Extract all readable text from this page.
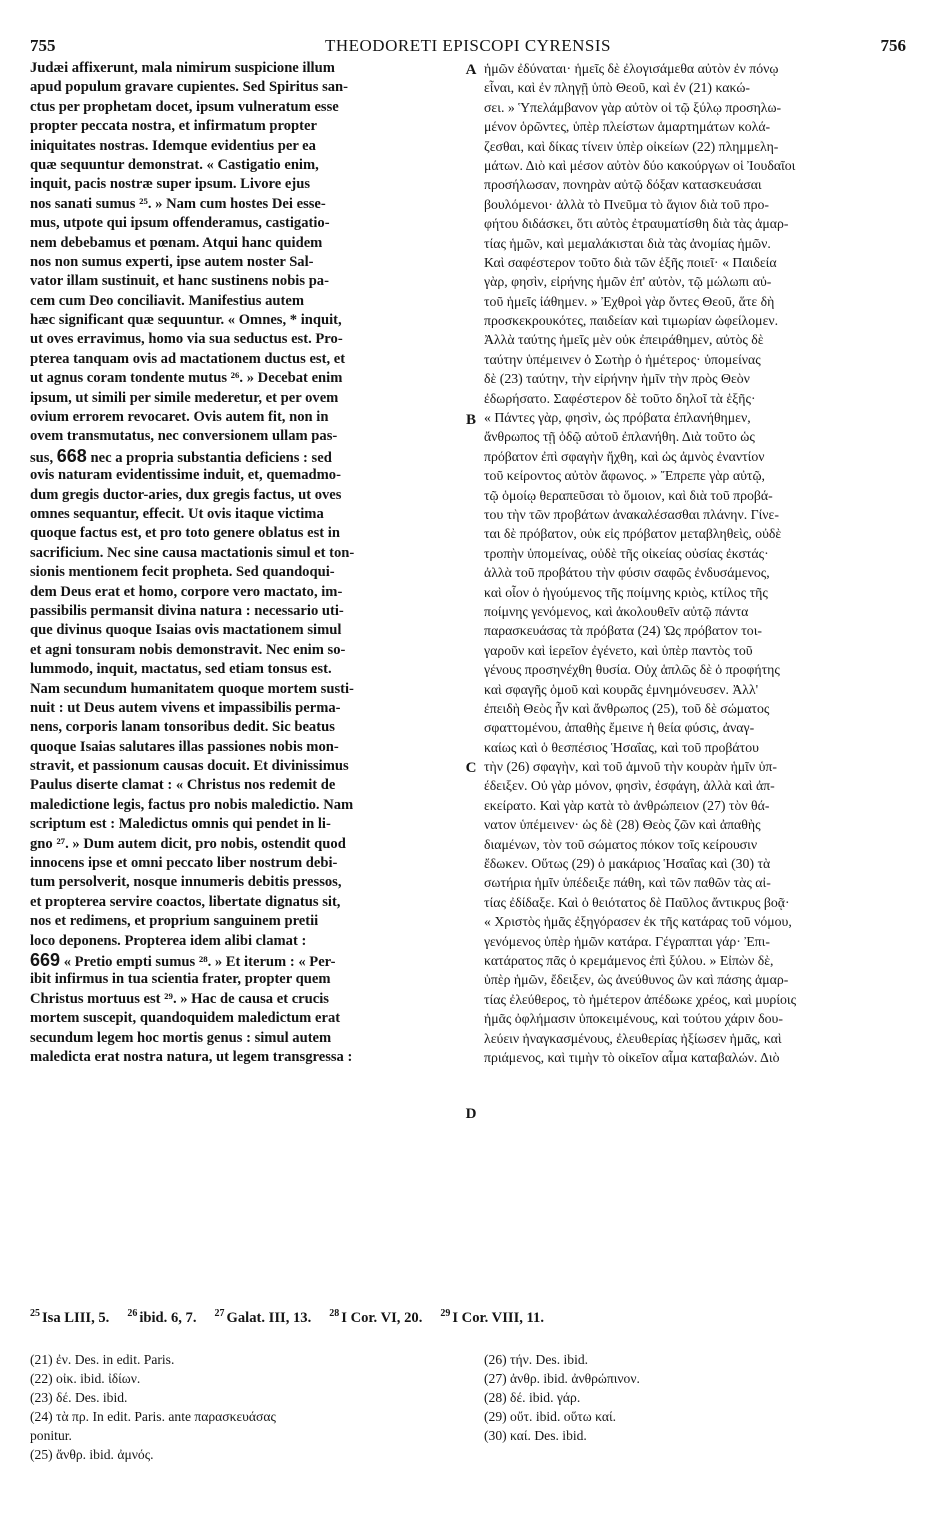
755	THEODORETI EPISCOPI CYRENSIS	756
Judæi affixerunt, mala nimirum suspicione illum
apud populum gravare cupientes. Sed Spiritus san-
ctus per prophetam docet, ipsum vulneratum esse
propter peccata nostra, et infirmatum propter
iniquitates nostras. Idemque evidentius per ea
quæ sequuntur demonstrat. « Castigatio enim,
inquit, pacis nostræ super ipsum. Livore ejus
nos sanati sumus ²⁵. » Nam cum hostes Dei esse-
mus, utpote qui ipsum offenderamus, castigatio-
nem debebamus et pœnam. Atqui hanc quidem
nos non sumus experti, ipse autem noster Sal-
vator illam sustinuit, et hanc sustinens nobis pa-
cem cum Deo conciliavit. Manifestius autem
hæc significant quæ sequuntur. « Omnes, * inquit,
ut oves erravimus, homo via sua seductus est. Pro-
pterea tanquam ovis ad mactationem ductus est, et
ut agnus coram tondente mutus ²⁶. » Decebat enim
ipsum, ut simili per simile mederetur, et per ovem
ovium errorem revocaret. Ovis autem fit, non in
ovem transmutatus, nec conversionem ullam pas-
sus, 668 nec a propria substantia deficiens : sed
ovis naturam evidentissime induit, et, quemadmo-
dum gregis ductor-aries, dux gregis factus, ut oves
omnes sequantur, effecit. Ut ovis itaque victima
quoque factus est, et pro toto genere oblatus est in
sacrificium. Nec sine causa mactationis simul et ton-
sionis mentionem fecit propheta. Sed quandoqui-
dem Deus erat et homo, corpore vero mactato, im-
passibilis permansit divina natura : necessario uti-
que divinus quoque Isaias ovis mactationem simul
et agni tonsuram nobis demonstravit. Nec enim so-
lummodo, inquit, mactatus, sed etiam tonsus est.
Nam secundum humanitatem quoque mortem susti-
nuit : ut Deus autem vivens et impassibilis perma-
nens, corporis lanam tonsoribus dedit. Sic beatus
quoque Isaias salutares illas passiones nobis mon-
stravit, et passionum causas docuit. Et divinissimus
Paulus diserte clamat : « Christus nos redemit de
maledictione legis, factus pro nobis maledictio. Nam
scriptum est : Maledictus omnis qui pendet in li-
gno ²⁷. » Dum autem dicit, pro nobis, ostendit quod
innocens ipse et omni peccato liber nostrum debi-
tum persolverit, nosque innumeris debitis pressos,
et propterea servire coactos, libertate dignatus sit,
nos et redimens, et proprium sanguinem pretii
loco deponens. Propterea idem alibi clamat :
669 « Pretio empti sumus ²⁸. » Et iterum : « Per-
ibit infirmus in tua scientia frater, propter quem
Christus mortuus est ²⁹. » Hac de causa et crucis
mortem suscepit, quandoquidem maledictum erat
secundum legem hoc mortis genus : simul autem
maledicta erat nostra natura, ut legem transgressa :
ἡμῶν ἐδύναται· ἡμεῖς δὲ ἐλογισάμεθα αὐτὸν ἐν πόνῳ
εἶναι, καὶ ἐν πληγῇ ὑπὸ Θεοῦ, καὶ ἐν (21) κακώ-
σει. » Ὑπελάμβανον γὰρ αὐτὸν οἱ τῷ ξύλῳ προσηλω-
μένον ὁρῶντες, ὑπὲρ πλείστων ἁμαρτημάτων κολά-
ζεσθαι, καὶ δίκας τίνειν ὑπὲρ οἰκείων (22) πλημμελη-
μάτων. Διὸ καὶ μέσον αὐτὸν δύο κακούργων οἱ Ἰουδαῖοι
προσήλωσαν, πονηρὰν αὐτῷ δόξαν κατασκευάσαι
βουλόμενοι· ἀλλὰ τὸ Πνεῦμα τὸ ἅγιον διὰ τοῦ προ-
φήτου διδάσκει, ὅτι αὐτὸς ἐτραυματίσθη διὰ τὰς ἁμαρ-
τίας ἡμῶν, καὶ μεμαλάκισται διὰ τὰς ἀνομίας ἡμῶν.
Καὶ σαφέστερον τοῦτο διὰ τῶν ἑξῆς ποιεῖ· « Παιδεία
γὰρ, φησὶν, εἰρήνης ἡμῶν ἐπ' αὐτὸν, τῷ μώλωπι αὐ-
τοῦ ἡμεῖς ἰάθημεν. » Ἐχθροὶ γὰρ ὄντες Θεοῦ, ἅτε δὴ
προσκεκρουκότες, παιδείαν καὶ τιμωρίαν ὠφείλομεν.
Ἀλλὰ ταύτης ἡμεῖς μὲν οὐκ ἐπειράθημεν, αὐτὸς δὲ
ταύτην ὑπέμεινεν ὁ Σωτὴρ ὁ ἡμέτερος· ὑπομείνας
δὲ (23) ταύτην, τὴν εἰρήνην ἡμῖν τὴν πρὸς Θεὸν
ἐδωρήσατο. Σαφέστερον δὲ τοῦτο δηλοῖ τὰ ἑξῆς·
« Πάντες γὰρ, φησὶν, ὡς πρόβατα ἐπλανήθημεν,
ἄνθρωπος τῇ ὁδῷ αὐτοῦ ἐπλανήθη. Διὰ τοῦτο ὡς
πρόβατον ἐπὶ σφαγὴν ἤχθη, καὶ ὡς ἀμνὸς ἐναντίον
τοῦ κείροντος αὐτὸν ἄφωνος. » Ἔπρεπε γὰρ αὐτῷ,
τῷ ὁμοίῳ θεραπεῦσαι τὸ ὅμοιον, καὶ διὰ τοῦ προβά-
του τὴν τῶν προβάτων ἀνακαλέσασθαι πλάνην. Γίνε-
ται δὲ πρόβατον, οὐκ εἰς πρόβατον μεταβληθεὶς, οὐδὲ
τροπὴν ὑπομείνας, οὐδὲ τῆς οἰκείας οὐσίας ἐκστάς·
ἀλλὰ τοῦ προβάτου τὴν φύσιν σαφῶς ἐνδυσάμενος,
καὶ οἷον ὁ ἡγούμενος τῆς ποίμνης κριὸς, κτίλος τῆς
ποίμνης γενόμενος, καὶ ἀκολουθεῖν αὐτῷ πάντα
παρασκευάσας τὰ πρόβατα (24) Ὡς πρόβατον τοι-
γαροῦν καὶ ἱερεῖον ἐγένετο, καὶ ὑπὲρ παντὸς τοῦ
γένους προσηνέχθη θυσία. Οὐχ ἁπλῶς δὲ ὁ προφήτης
καὶ σφαγῆς ὁμοῦ καὶ κουρᾶς ἐμνημόνευσεν. Ἀλλ'
ἐπειδὴ Θεὸς ἦν καὶ ἄνθρωπος (25), τοῦ δὲ σώματος
σφαττομένου, ἀπαθὴς ἔμεινε ἡ θεία φύσις, ἀναγ-
καίως καὶ ὁ θεσπέσιος Ἡσαΐας, καὶ τοῦ προβάτου
τὴν (26) σφαγὴν, καὶ τοῦ ἀμνοῦ τὴν κουρὰν ἡμῖν ὑπ-
έδειξεν. Οὐ γὰρ μόνον, φησὶν, ἐσφάγη, ἀλλὰ καὶ ἀπ-
εκείρατο. Καὶ γὰρ κατὰ τὸ ἀνθρώπειον (27) τὸν θά-
νατον ὑπέμεινεν· ὡς δὲ (28) Θεὸς ζῶν καὶ ἀπαθὴς
διαμένων, τὸν τοῦ σώματος πόκον τοῖς κείρουσιν
ἔδωκεν. Οὕτως (29) ὁ μακάριος Ἡσαΐας καὶ (30) τὰ
σωτήρια ἡμῖν ὑπέδειξε πάθη, καὶ τῶν παθῶν τὰς αἰ-
τίας ἐδίδαξε. Καὶ ὁ θειότατος δὲ Παῦλος ἄντικρυς βοᾷ·
« Χριστὸς ἡμᾶς ἐξηγόρασεν ἐκ τῆς κατάρας τοῦ νόμου,
γενόμενος ὑπὲρ ἡμῶν κατάρα. Γέγραπται γάρ· Ἐπι-
κατάρατος πᾶς ὁ κρεμάμενος ἐπὶ ξύλου. » Εἰπὼν δὲ,
ὑπὲρ ἡμῶν, ἔδειξεν, ὡς ἀνεύθυνος ὢν καὶ πάσης ἁμαρ-
τίας ἐλεύθερος, τὸ ἡμέτερον ἀπέδωκε χρέος, καὶ μυρίοις
ἡμᾶς ὀφλήμασιν ὑποκειμένους, καὶ τούτου χάριν δου-
λεύειν ἠναγκασμένους, ἐλευθερίας ἠξίωσεν ἡμᾶς, καὶ
πριάμενος, καὶ τιμὴν τὸ οἰκεῖον αἷμα καταβαλών. Διὸ
A
B
C
D
$^{25}$ Isa LIII, 5. $^{26}$ ibid. 6, 7. $^{27}$ Galat. III, 13. $^{28}$ I Cor. VI, 20. $^{29}$ I Cor. VIII, 11.
(21) ἐν. Des. in edit. Paris.
(22) οἰκ. ibid. ἰδίων.
(23) δέ. Des. ibid.
(24) τὰ πρ. In edit. Paris. ante παρασκευάσας
ponitur.
(25) ἄνθρ. ibid. ἀμνός.
(26) τήν. Des. ibid.
(27) ἀνθρ. ibid. ἀνθρώπινον.
(28) δέ. ibid. γάρ.
(29) οὔτ. ibid. οὕτω καί.
(30) καί. Des. ibid.
